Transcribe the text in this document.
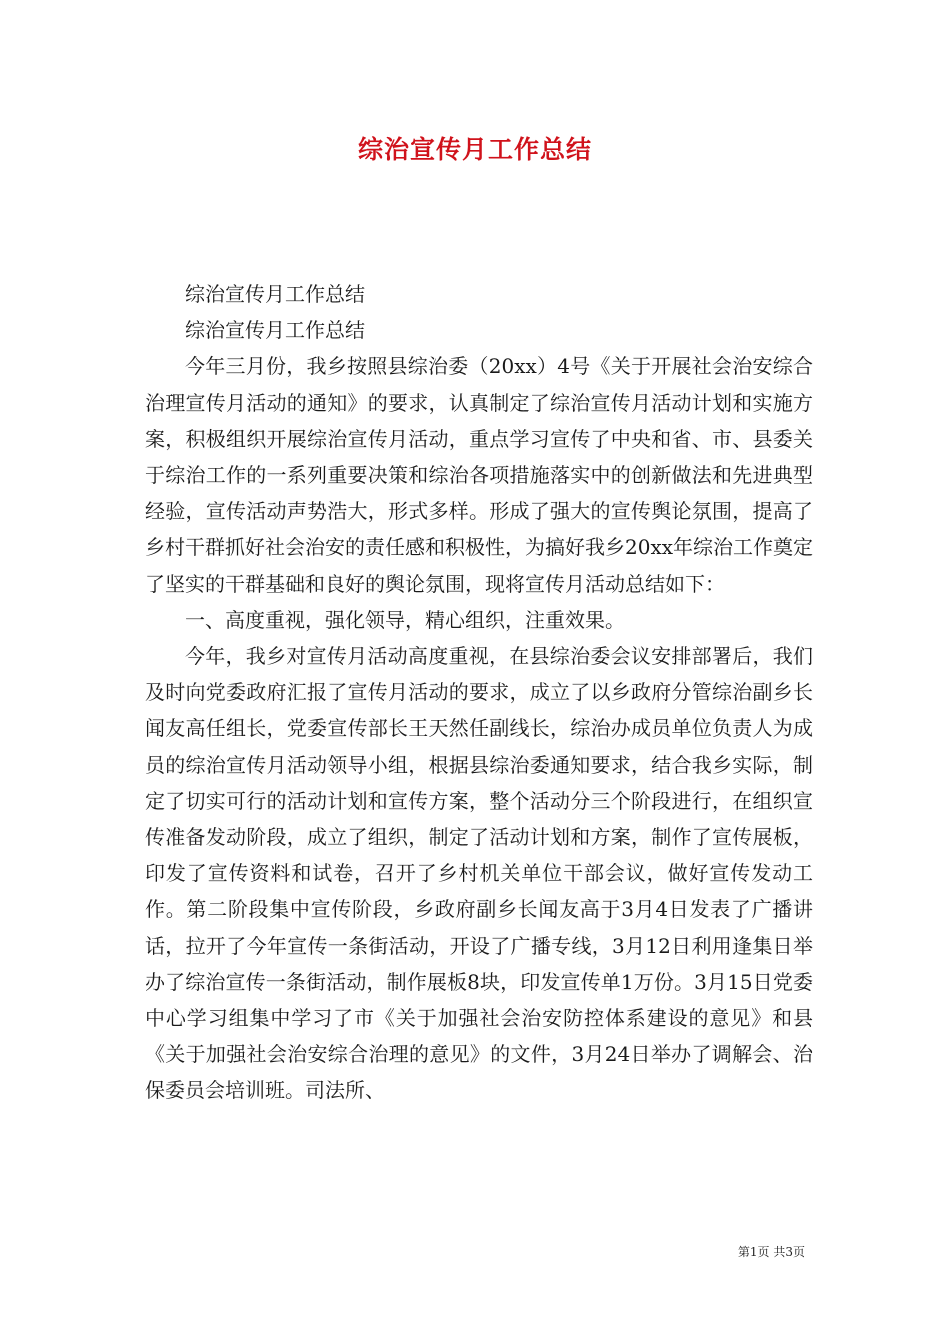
综治宣传月工作总结

综治宣传月工作总结

综治宣传月工作总结

今年三月份，我乡按照县综治委（20xx）4号《关于开展社会治安综合治理宣传月活动的通知》的要求，认真制定了综治宣传月活动计划和实施方案，积极组织开展综治宣传月活动，重点学习宣传了中央和省、市、县委关于综治工作的一系列重要决策和综治各项措施落实中的创新做法和先进典型经验，宣传活动声势浩大，形式多样。形成了强大的宣传舆论氛围，提高了乡村干群抓好社会治安的责任感和积极性，为搞好我乡20xx年综治工作奠定了坚实的干群基础和良好的舆论氛围，现将宣传月活动总结如下：

一、高度重视，强化领导，精心组织，注重效果。

今年，我乡对宣传月活动高度重视，在县综治委会议安排部署后，我们及时向党委政府汇报了宣传月活动的要求，成立了以乡政府分管综治副乡长闻友高任组长，党委宣传部长王天然任副线长，综治办成员单位负责人为成员的综治宣传月活动领导小组，根据县综治委通知要求，结合我乡实际，制定了切实可行的活动计划和宣传方案，整个活动分三个阶段进行，在组织宣传准备发动阶段，成立了组织，制定了活动计划和方案，制作了宣传展板，印发了宣传资料和试卷，召开了乡村机关单位干部会议，做好宣传发动工作。第二阶段集中宣传阶段，乡政府副乡长闻友高于3月4日发表了广播讲话，拉开了今年宣传一条街活动，开设了广播专线，3月12日利用逢集日举办了综治宣传一条街活动，制作展板8块，印发宣传单1万份。3月15日党委中心学习组集中学习了市《关于加强社会治安防控体系建设的意见》和县《关于加强社会治安综合治理的意见》的文件，3月24日举办了调解会、治保委员会培训班。司法所、

第1页 共3页
